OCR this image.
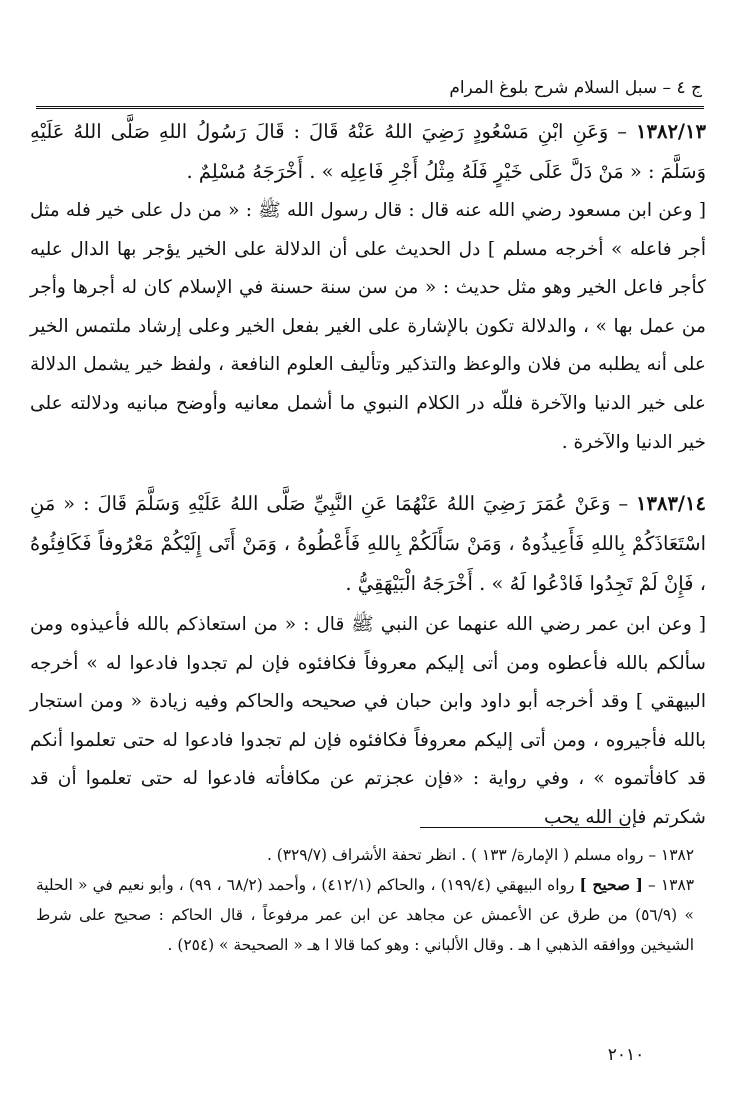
ج ٤ – سبل السلام شرح بلوغ المرام

١٣٨٢/١٣ – وَعَنِ ابْنِ مَسْعُودٍ رَضِيَ اللهُ عَنْهُ قَالَ : قَالَ رَسُولُ اللهِ صَلَّى اللهُ عَلَيْهِ وَسَلَّمَ : « مَنْ دَلَّ عَلَى خَيْرٍ فَلَهُ مِثْلُ أَجْرِ فَاعِلِه » . أَخْرَجَهُ مُسْلِمٌ .

[ وعن ابن مسعود رضي الله عنه قال : قال رسول الله ﷺ : « من دل على خير فله مثل أجر فاعله » أخرجه مسلم ] دل الحديث على أن الدلالة على الخير يؤجر بها الدال عليه كأجر فاعل الخير وهو مثل حديث : « من سن سنة حسنة في الإسلام كان له أجرها وأجر من عمل بها » ، والدلالة تكون بالإشارة على الغير بفعل الخير وعلى إرشاد ملتمس الخير على أنه يطلبه من فلان والوعظ والتذكير وتأليف العلوم النافعة ، ولفظ خير يشمل الدلالة على خير الدنيا والآخرة فللّه در الكلام النبوي ما أشمل معانيه وأوضح مبانيه ودلالته على خير الدنيا والآخرة .

١٣٨٣/١٤ – وَعَنْ عُمَرَ رَضِيَ اللهُ عَنْهُمَا عَنِ النَّبِيِّ صَلَّى اللهُ عَلَيْهِ وَسَلَّمَ قَالَ : « مَنِ اسْتَعَاذَكُمْ بِاللهِ فَأَعِيذُوهُ ، وَمَنْ سَأَلَكُمْ بِاللهِ فَأَعْطُوهُ ، وَمَنْ أَتَى إِلَيْكُمْ مَعْرُوفاً فَكَافِئُوهُ ، فَإِنْ لَمْ تَجِدُوا فَادْعُوا لَهُ » . أَخْرَجَهُ الْبَيْهَقِيُّ .

[ وعن ابن عمر رضي الله عنهما عن النبي ﷺ قال : « من استعاذكم بالله فأعيذوه ومن سألكم بالله فأعطوه ومن أتى إليكم معروفاً فكافئوه فإن لم تجدوا فادعوا له » أخرجه البيهقي ] وقد أخرجه أبو داود وابن حبان في صحيحه والحاكم وفيه زيادة « ومن استجار بالله فأجيروه ، ومن أتى إليكم معروفاً فكافئوه فإن لم تجدوا فادعوا له حتى تعلموا أنكم قد كافأتموه » ، وفي رواية : «فإن عجزتم عن مكافأته فادعوا له حتى تعلموا أن قد شكرتم فإن الله يحب

١٣٨٢ – رواه مسلم ( الإمارة/ ١٣٣ ) . انظر تحفة الأشراف (٣٢٩/٧) .

١٣٨٣ – [ صحيح ] رواه البيهقي (١٩٩/٤) ، والحاكم (٤١٢/١) ، وأحمد (٦٨/٢ ، ٩٩) ، وأبو نعيم في « الحلية » (٥٦/٩) من طرق عن الأعمش عن مجاهد عن ابن عمر مرفوعاً ، قال الحاكم : صحيح على شرط الشيخين ووافقه الذهبي ا هـ . وقال الألباني : وهو كما قالا ا هـ « الصحيحة » (٢٥٤) .

٢٠١٠
